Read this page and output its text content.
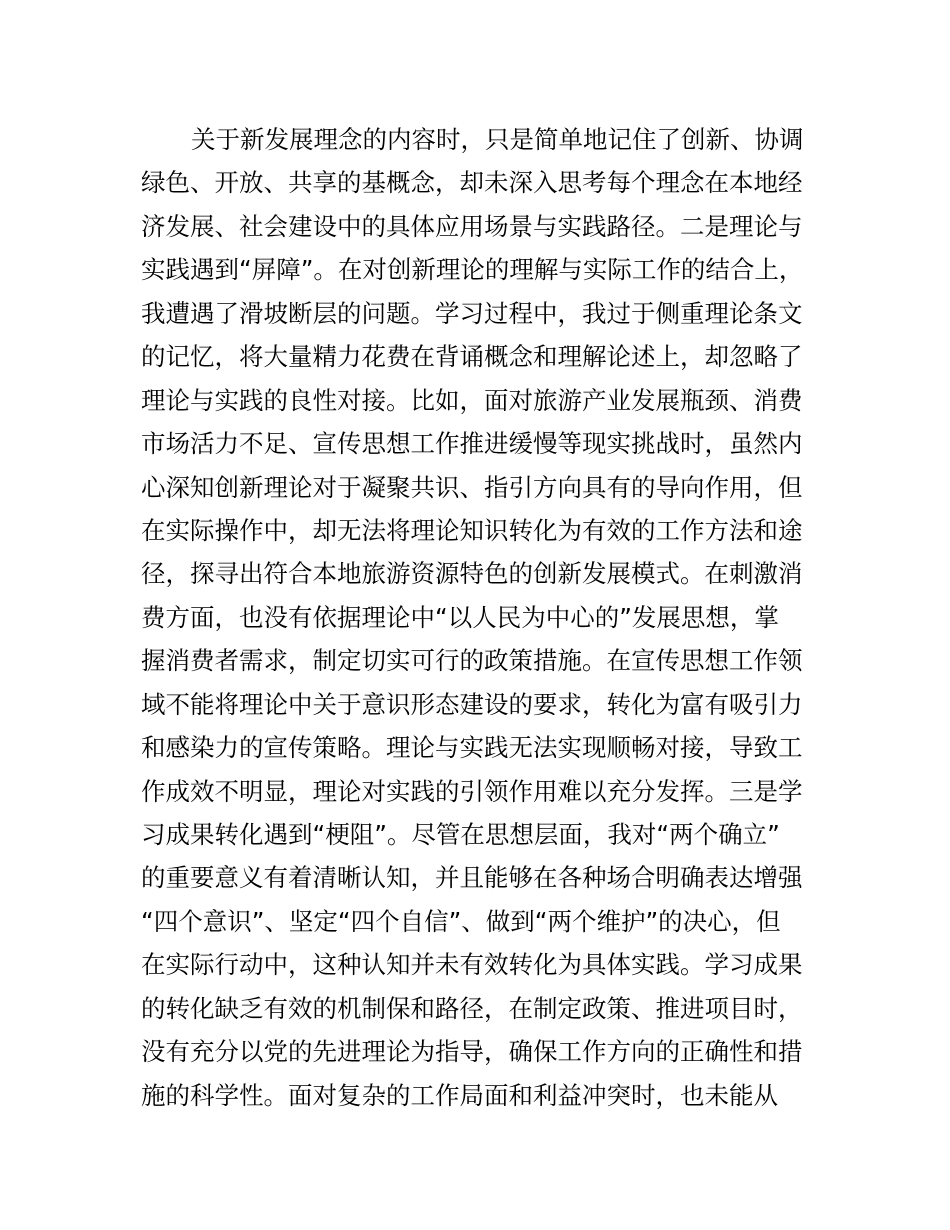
关于新发展理念的内容时，只是简单地记住了创新、协调
绿色、开放、共享的基概念，却未深入思考每个理念在本地经
济发展、社会建设中的具体应用场景与实践路径。二是理论与
实践遇到“屏障”。在对创新理论的理解与实际工作的结合上，
我遭遇了滑坡断层的问题。学习过程中，我过于侧重理论条文
的记忆，将大量精力花费在背诵概念和理解论述上，却忽略了
理论与实践的良性对接。比如，面对旅游产业发展瓶颈、消费
市场活力不足、宣传思想工作推进缓慢等现实挑战时，虽然内
心深知创新理论对于凝聚共识、指引方向具有的导向作用，但
在实际操作中，却无法将理论知识转化为有效的工作方法和途
径，探寻出符合本地旅游资源特色的创新发展模式。在刺激消
费方面，也没有依据理论中“以人民为中心的”发展思想，掌
握消费者需求，制定切实可行的政策措施。在宣传思想工作领
域不能将理论中关于意识形态建设的要求，转化为富有吸引力
和感染力的宣传策略。理论与实践无法实现顺畅对接，导致工
作成效不明显，理论对实践的引领作用难以充分发挥。三是学
习成果转化遇到“梗阻”。尽管在思想层面，我对“两个确立”
的重要意义有着清晰认知，并且能够在各种场合明确表达增强
“四个意识”、坚定“四个自信”、做到“两个维护”的决心，但
在实际行动中，这种认知并未有效转化为具体实践。学习成果
的转化缺乏有效的机制保和路径，在制定政策、推进项目时，
没有充分以党的先进理论为指导，确保工作方向的正确性和措
施的科学性。面对复杂的工作局面和利益冲突时，也未能从
